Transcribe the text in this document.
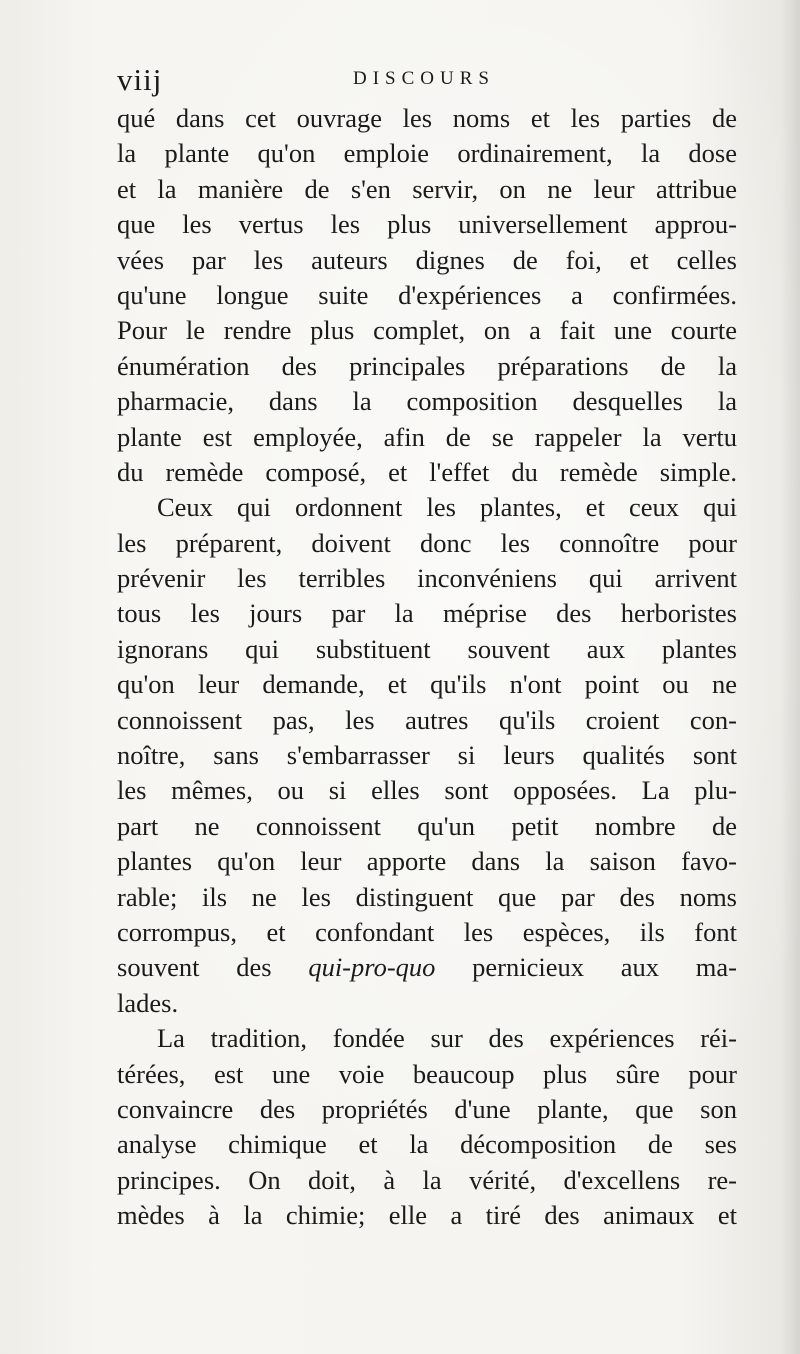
viij	DISCOURS
qué dans cet ouvrage les noms et les parties de
la plante qu'on emploie ordinairement, la dose
et la manière de s'en servir, on ne leur attribue
que les vertus les plus universellement approu-
vées par les auteurs dignes de foi, et celles
qu'une longue suite d'expériences a confirmées.
Pour le rendre plus complet, on a fait une courte
énumération des principales préparations de la
pharmacie, dans la composition desquelles la
plante est employée, afin de se rappeler la vertu
du remède composé, et l'effet du remède simple.
Ceux qui ordonnent les plantes, et ceux qui
les préparent, doivent donc les connoître pour
prévenir les terribles inconvéniens qui arrivent
tous les jours par la méprise des herboristes
ignorans qui substituent souvent aux plantes
qu'on leur demande, et qu'ils n'ont point ou ne
connoissent pas, les autres qu'ils croient con-
noître, sans s'embarrasser si leurs qualités sont
les mêmes, ou si elles sont opposées. La plu-
part ne connoissent qu'un petit nombre de
plantes qu'on leur apporte dans la saison favo-
rable; ils ne les distinguent que par des noms
corrompus, et confondant les espèces, ils font
souvent des qui-pro-quo pernicieux aux ma-
lades.
La tradition, fondée sur des expériences réi-
térées, est une voie beaucoup plus sûre pour
convaincre des propriétés d'une plante, que son
analyse chimique et la décomposition de ses
principes. On doit, à la vérité, d'excellens re-
mèdes à la chimie; elle a tiré des animaux et
